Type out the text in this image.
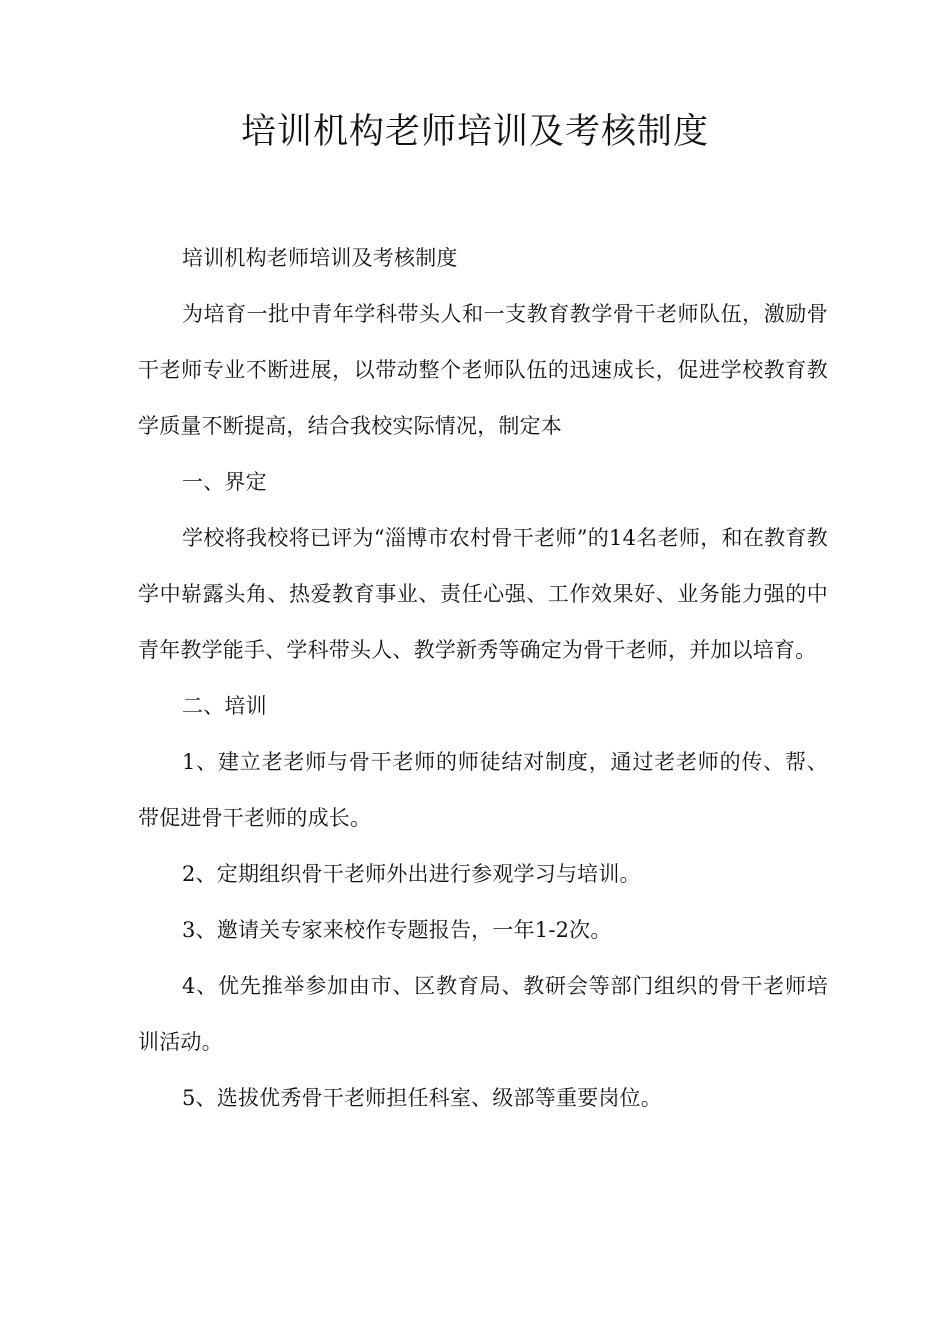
培训机构老师培训及考核制度

培训机构老师培训及考核制度

为培育一批中青年学科带头人和一支教育教学骨干老师队伍，激励骨干老师专业不断进展，以带动整个老师队伍的迅速成长，促进学校教育教学质量不断提高，结合我校实际情况，制定本

一、界定

学校将我校将已评为“淄博市农村骨干老师”的14名老师，和在教育教学中崭露头角、热爱教育事业、责任心强、工作效果好、业务能力强的中青年教学能手、学科带头人、教学新秀等确定为骨干老师，并加以培育。

二、培训

1、建立老老师与骨干老师的师徒结对制度，通过老老师的传、帮、带促进骨干老师的成长。

2、定期组织骨干老师外出进行参观学习与培训。

3、邀请关专家来校作专题报告，一年1-2次。

4、优先推举参加由市、区教育局、教研会等部门组织的骨干老师培训活动。

5、选拔优秀骨干老师担任科室、级部等重要岗位。
